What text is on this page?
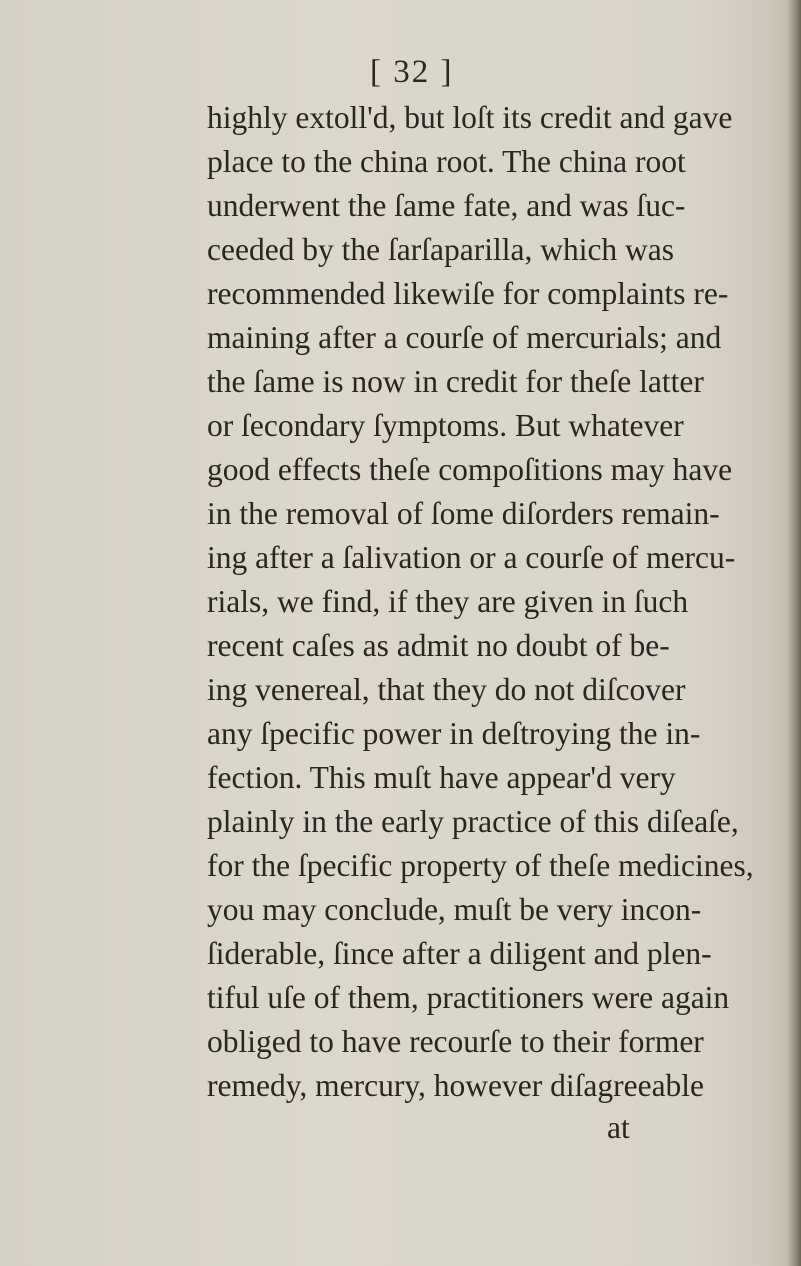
[ 32 ]
highly extoll'd, but loſt its credit and gave
place to the china root. The china root
underwent the ſame fate, and was ſuc-
ceeded by the ſarſaparilla, which was
recommended likewiſe for complaints re-
maining after a courſe of mercurials; and
the ſame is now in credit for theſe latter
or ſecondary ſymptoms. But whatever
good effects theſe compoſitions may have
in the removal of ſome diſorders remain-
ing after a ſalivation or a courſe of mercu-
rials, we find, if they are given in ſuch
recent caſes as admit no doubt of be-
ing venereal, that they do not diſcover
any ſpecific power in deſtroying the in-
fection. This muſt have appear'd very
plainly in the early practice of this diſeaſe,
for the ſpecific property of theſe medicines,
you may conclude, muſt be very incon-
ſiderable, ſince after a diligent and plen-
tiful uſe of them, practitioners were again
obliged to have recourſe to their former
remedy, mercury, however diſagreeable
at
